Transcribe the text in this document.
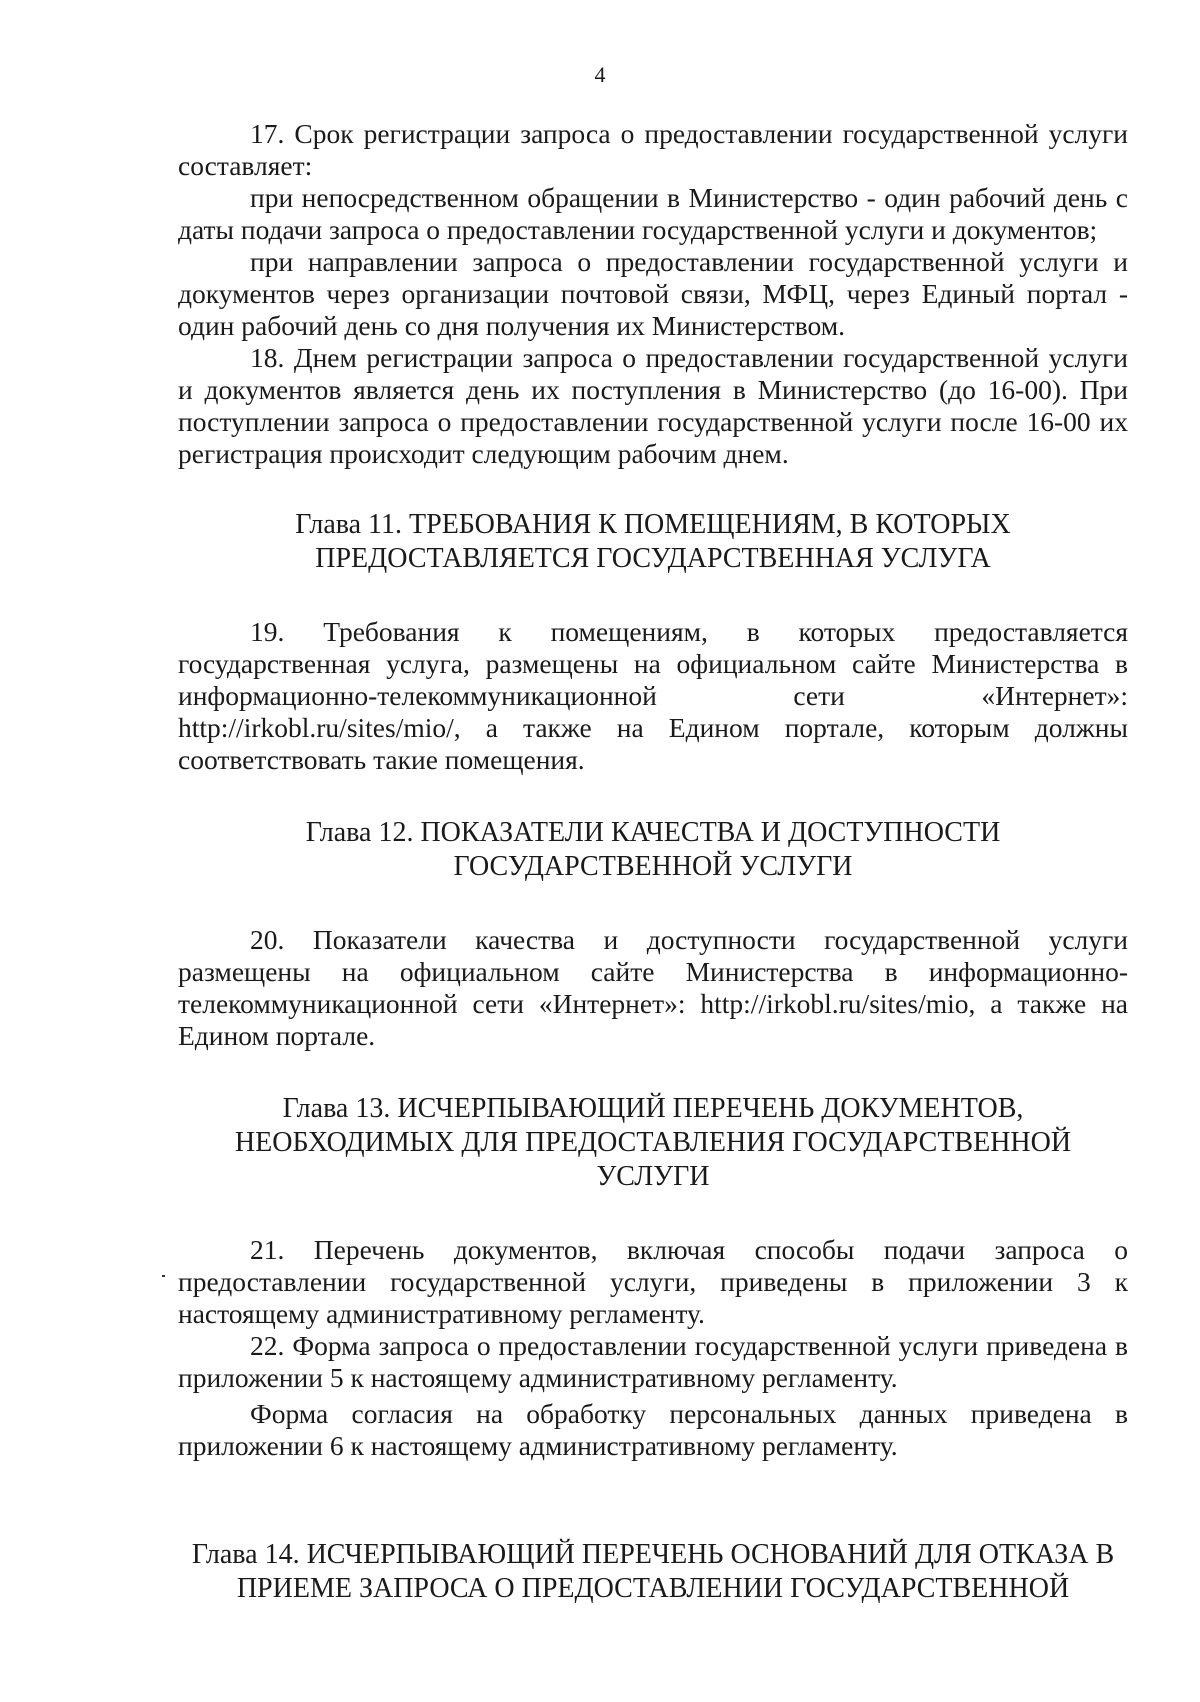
4

17. Срок регистрации запроса о предоставлении государственной услуги составляет:

при непосредственном обращении в Министерство - один рабочий день с даты подачи запроса о предоставлении государственной услуги и документов;

при направлении запроса о предоставлении государственной услуги и документов через организации почтовой связи, МФЦ, через Единый портал - один рабочий день со дня получения их Министерством.

18. Днем регистрации запроса о предоставлении государственной услуги и документов является день их поступления в Министерство (до 16-00). При поступлении запроса о предоставлении государственной услуги после 16-00 их регистрация происходит следующим рабочим днем.

Глава 11. ТРЕБОВАНИЯ К ПОМЕЩЕНИЯМ, В КОТОРЫХ
ПРЕДОСТАВЛЯЕТСЯ ГОСУДАРСТВЕННАЯ УСЛУГА

19. Требования к помещениям, в которых предоставляется государственная услуга, размещены на официальном сайте Министерства в информационно-телекоммуникационной сети «Интернет»: http://irkobl.ru/sites/mio/, а также на Едином портале, которым должны соответствовать такие помещения.

Глава 12. ПОКАЗАТЕЛИ КАЧЕСТВА И ДОСТУПНОСТИ
ГОСУДАРСТВЕННОЙ УСЛУГИ

20. Показатели качества и доступности государственной услуги размещены на официальном сайте Министерства в информационно-телекоммуникационной сети «Интернет»: http://irkobl.ru/sites/mio, а также на Едином портале.

Глава 13. ИСЧЕРПЫВАЮЩИЙ ПЕРЕЧЕНЬ ДОКУМЕНТОВ,
НЕОБХОДИМЫХ ДЛЯ ПРЕДОСТАВЛЕНИЯ ГОСУДАРСТВЕННОЙ
УСЛУГИ

21. Перечень документов, включая способы подачи запроса о предоставлении государственной услуги, приведены в приложении 3 к настоящему административному регламенту.

22. Форма запроса о предоставлении государственной услуги приведена в приложении 5 к настоящему административному регламенту.

Форма согласия на обработку персональных данных приведена в приложении 6 к настоящему административному регламенту.

Глава 14. ИСЧЕРПЫВАЮЩИЙ ПЕРЕЧЕНЬ ОСНОВАНИЙ ДЛЯ ОТКАЗА В
ПРИЕМЕ ЗАПРОСА О ПРЕДОСТАВЛЕНИИ ГОСУДАРСТВЕННОЙ
